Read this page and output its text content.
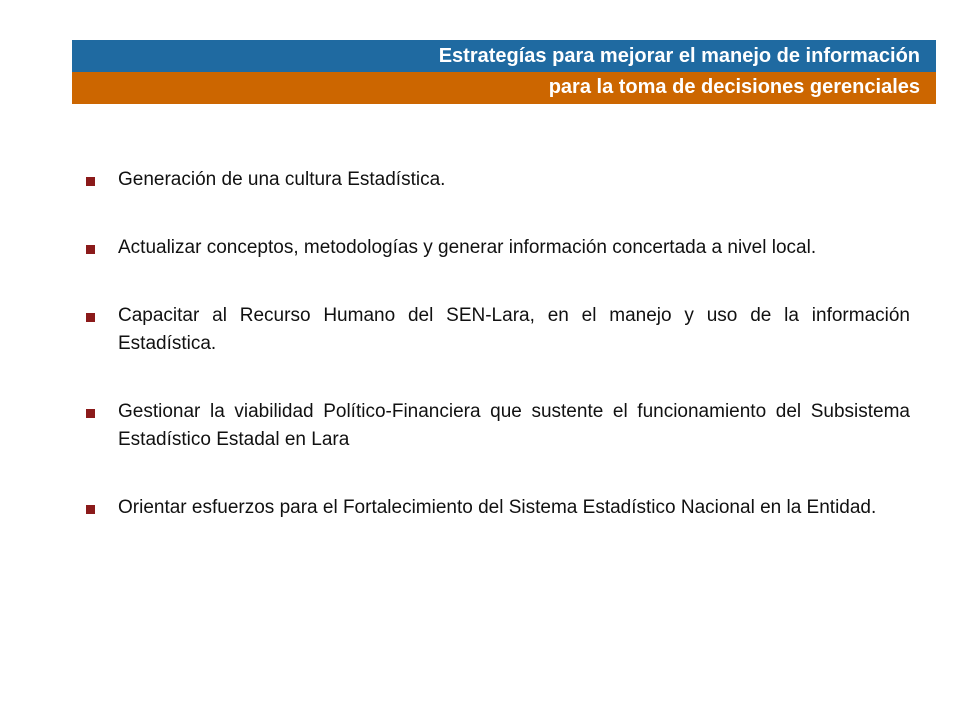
Estrategías para mejorar el manejo de información
para la toma de decisiones gerenciales
Generación de una cultura Estadística.
Actualizar conceptos, metodologías y generar información concertada a nivel local.
Capacitar al Recurso Humano del SEN-Lara, en el manejo y uso de la información Estadística.
Gestionar la viabilidad Político-Financiera que sustente el funcionamiento del Subsistema Estadístico Estadal en Lara
Orientar esfuerzos para el Fortalecimiento del Sistema Estadístico Nacional en la Entidad.
